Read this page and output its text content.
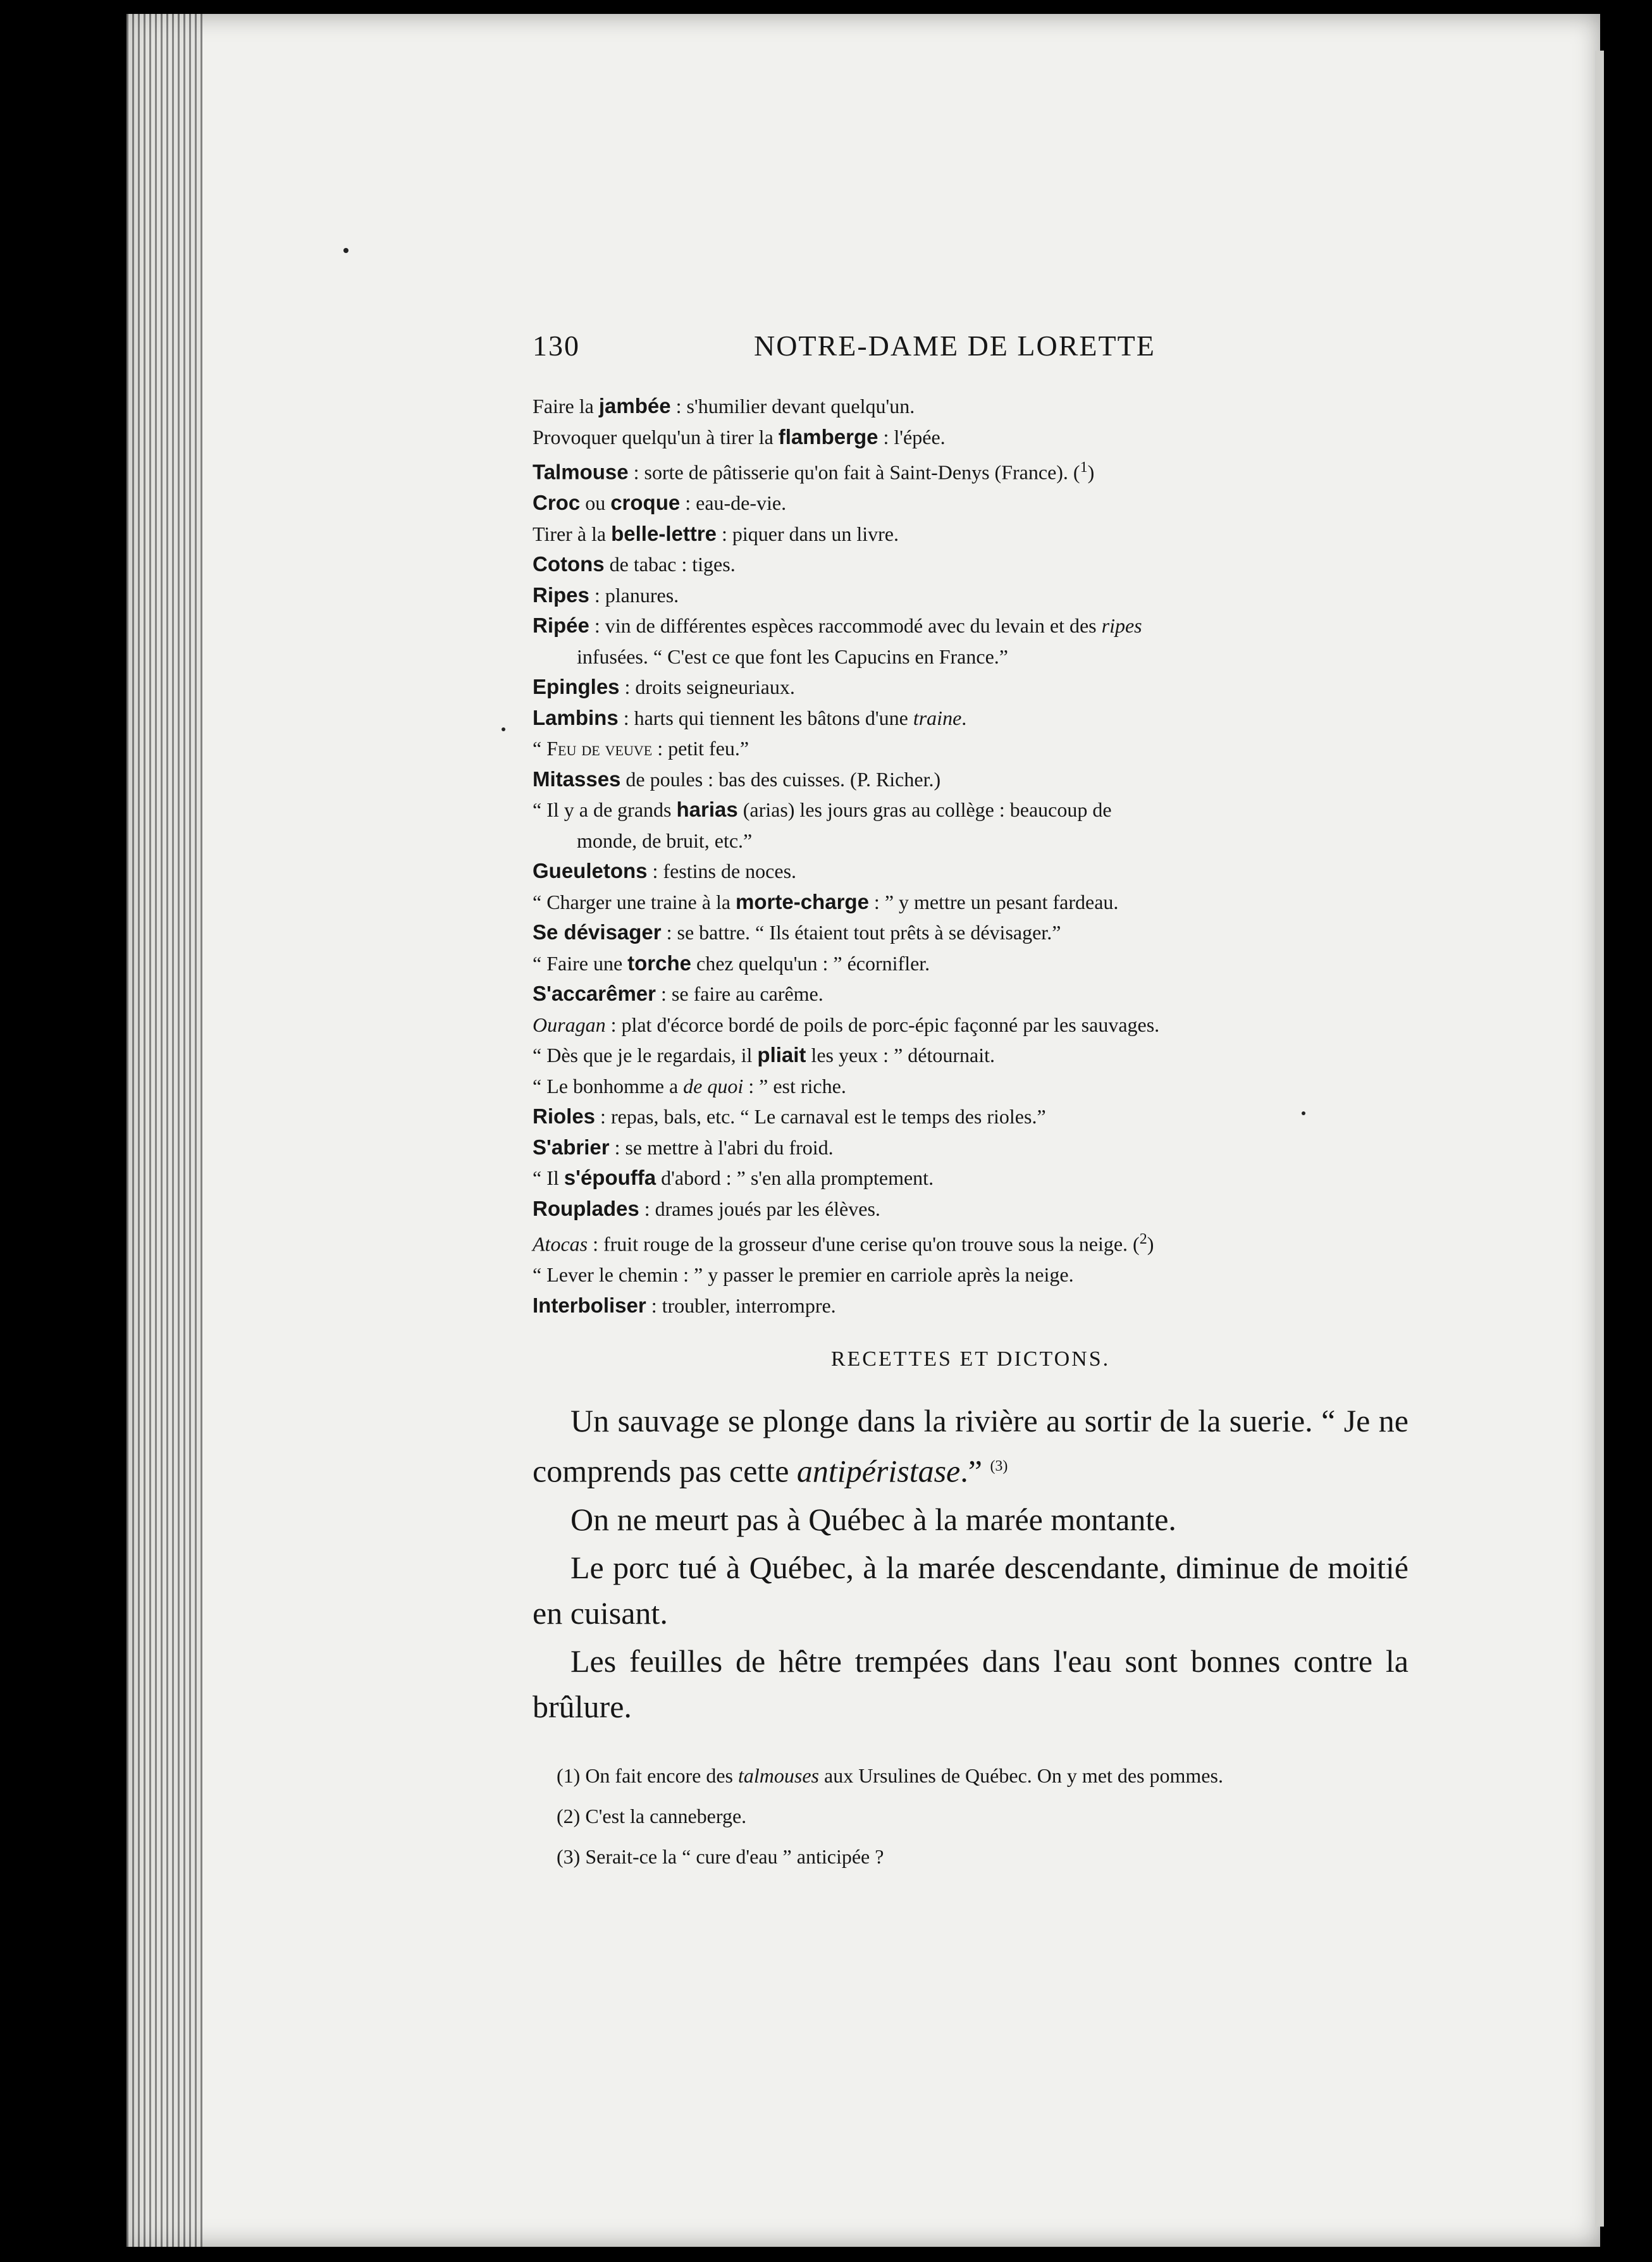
130	NOTRE-DAME DE LORETTE

Faire la jambée : s'humilier devant quelqu'un.

Provoquer quelqu'un à tirer la flamberge : l'épée.

Talmouse : sorte de pâtisserie qu'on fait à Saint-Denys (France). ($^1$)

Croc ou croque : eau-de-vie.

Tirer à la belle-lettre : piquer dans un livre.

Cotons de tabac : tiges.

Ripes : planures.

Ripée : vin de différentes espèces raccommodé avec du levain et des ripes
infusées. “ C'est ce que font les Capucins en France.”

Epingles : droits seigneuriaux.

Lambins : harts qui tiennent les bâtons d'une traine.

“ Feu de veuve : petit feu.”

Mitasses de poules : bas des cuisses. (P. Richer.)

“ Il y a de grands harias (arias) les jours gras au collège : beaucoup de
monde, de bruit, etc.”

Gueuletons : festins de noces.

“ Charger une traine à la morte-charge : ” y mettre un pesant fardeau.

Se dévisager : se battre. “ Ils étaient tout prêts à se dévisager.”

“ Faire une torche chez quelqu'un : ” écornifler.

S'accarêmer : se faire au carême.

Ouragan : plat d'écorce bordé de poils de porc-épic façonné par les sauvages.

“ Dès que je le regardais, il pliait les yeux : ” détournait.

“ Le bonhomme a de quoi : ” est riche.

Rioles : repas, bals, etc. “ Le carnaval est le temps des rioles.”

S'abrier : se mettre à l'abri du froid.

“ Il s'épouffa d'abord : ” s'en alla promptement.

Rouplades : drames joués par les élèves.

Atocas : fruit rouge de la grosseur d'une cerise qu'on trouve sous la neige. ($^2$)

“ Lever le chemin : ” y passer le premier en carriole après la neige.

Interboliser : troubler, interrompre.

RECETTES ET DICTONS.

Un sauvage se plonge dans la rivière au sortir de la suerie. “ Je ne comprends pas cette antipéristase.” $^{(3)}$

On ne meurt pas à Québec à la marée montante.

Le porc tué à Québec, à la marée descendante, diminue de moitié en cuisant.

Les feuilles de hêtre trempées dans l'eau sont bonnes contre la brûlure.

(1) On fait encore des talmouses aux Ursulines de Québec. On y met des pommes.

(2) C'est la canneberge.

(3) Serait-ce la “ cure d'eau ” anticipée ?
